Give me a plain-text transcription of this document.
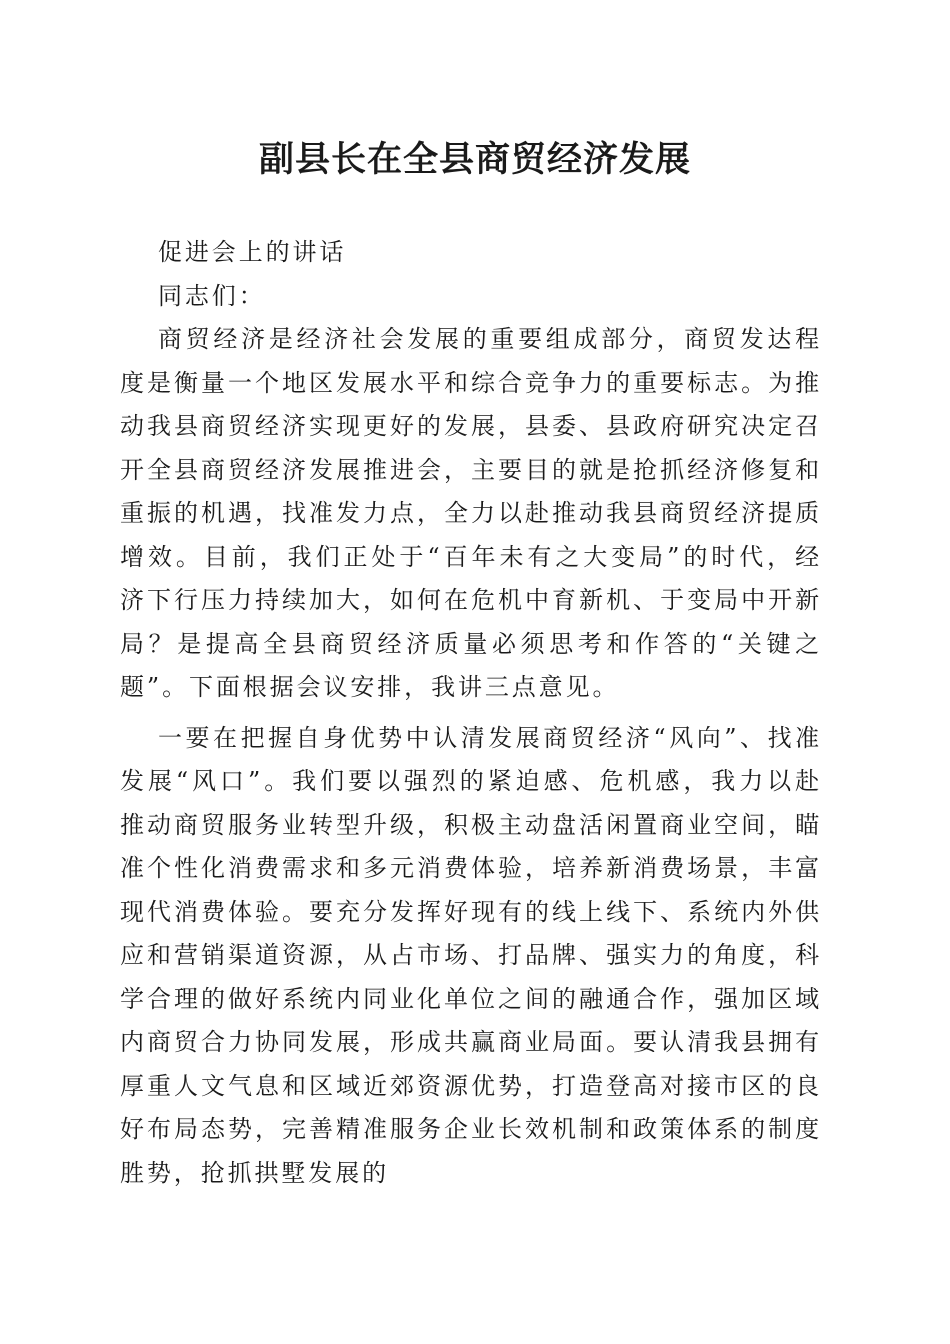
副县长在全县商贸经济发展

促进会上的讲话

同志们：

商贸经济是经济社会发展的重要组成部分，商贸发达程度是衡量一个地区发展水平和综合竞争力的重要标志。为推动我县商贸经济实现更好的发展，县委、县政府研究决定召开全县商贸经济发展推进会，主要目的就是抢抓经济修复和重振的机遇，找准发力点，全力以赴推动我县商贸经济提质增效。目前，我们正处于“百年未有之大变局”的时代，经济下行压力持续加大，如何在危机中育新机、于变局中开新局？是提高全县商贸经济质量必须思考和作答的“关键之题”。下面根据会议安排，我讲三点意见。

一要在把握自身优势中认清发展商贸经济“风向”、找准发展“风口”。我们要以强烈的紧迫感、危机感，我力以赴推动商贸服务业转型升级，积极主动盘活闲置商业空间，瞄准个性化消费需求和多元消费体验，培养新消费场景，丰富现代消费体验。要充分发挥好现有的线上线下、系统内外供应和营销渠道资源，从占市场、打品牌、强实力的角度，科学合理的做好系统内同业化单位之间的融通合作，强加区域内商贸合力协同发展，形成共赢商业局面。要认清我县拥有厚重人文气息和区域近郊资源优势，打造登高对接市区的良好布局态势，完善精准服务企业长效机制和政策体系的制度胜势，抢抓拱墅发展的
